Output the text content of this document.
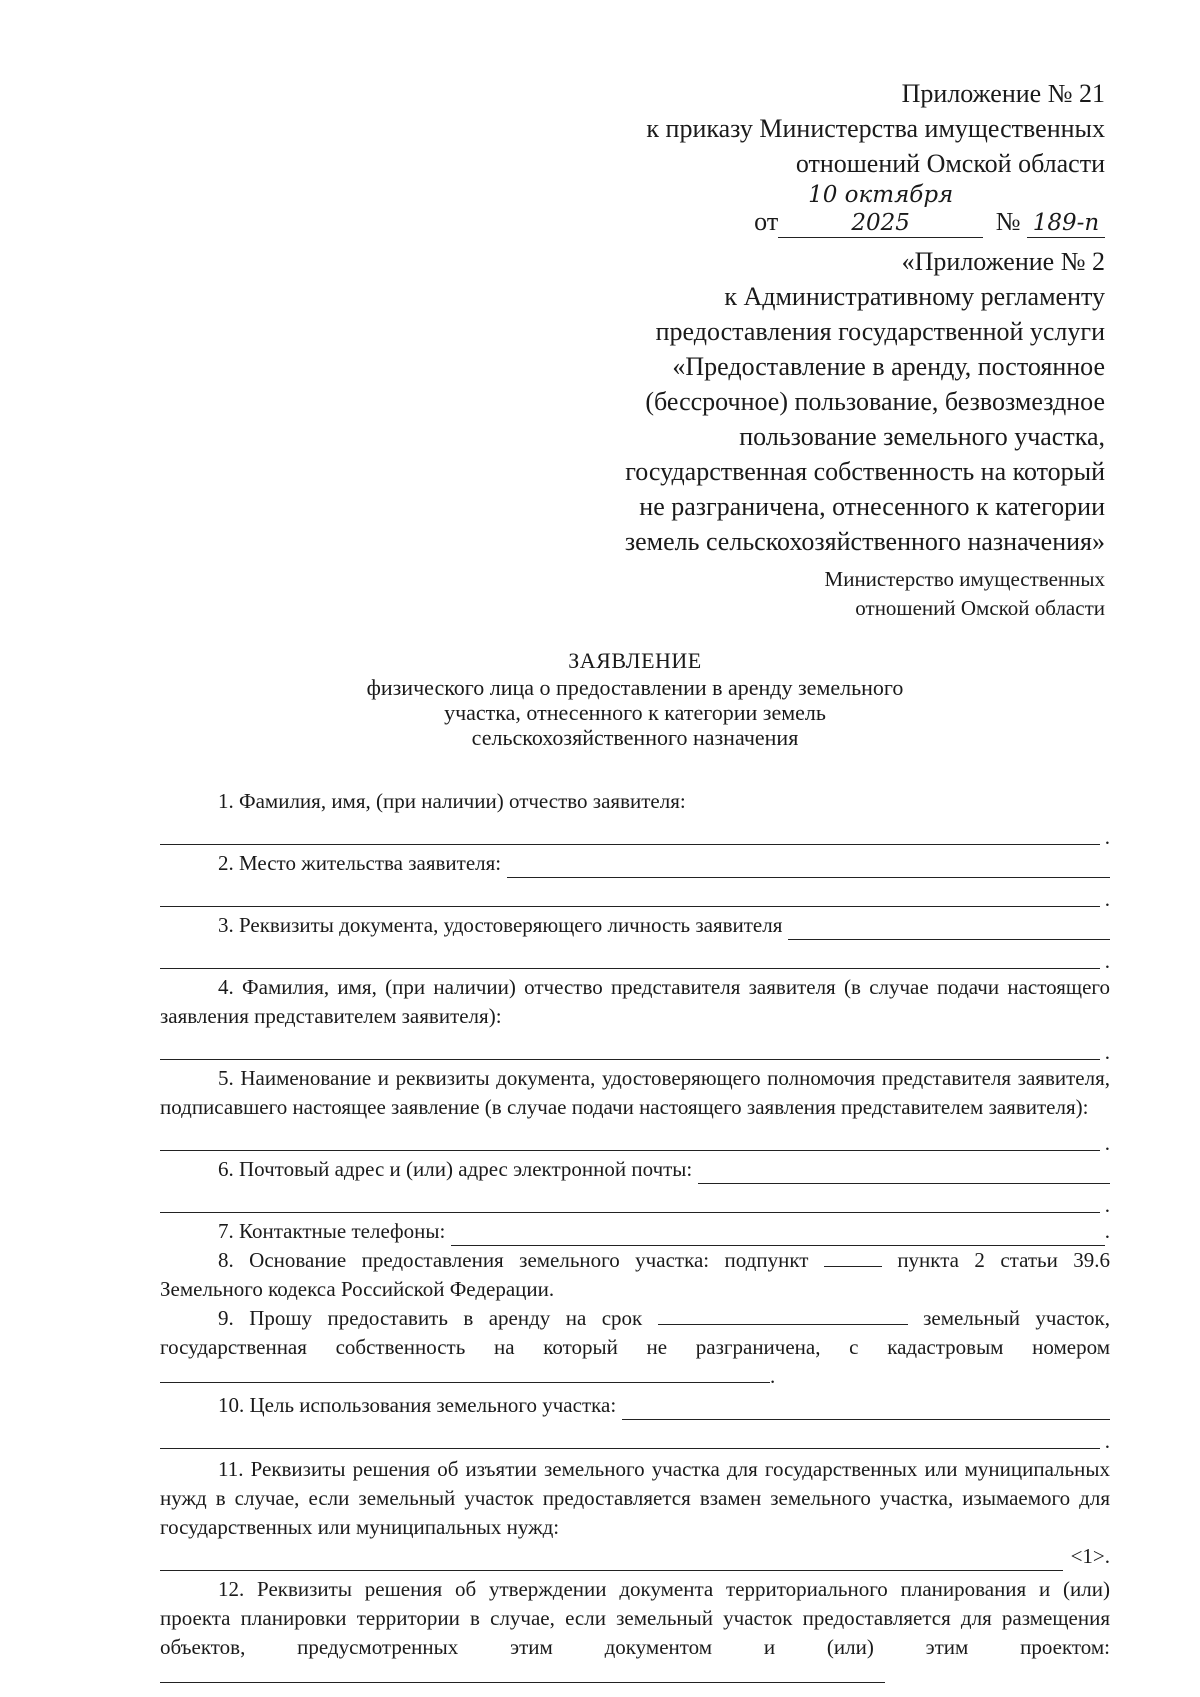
Приложение № 21
к приказу Министерства имущественных
отношений Омской области
от10 октября 2025	№ 189-п
«Приложение № 2
к Административному регламенту
предоставления государственной услуги
«Предоставление в аренду, постоянное
(бессрочное) пользование, безвозмездное
пользование земельного участка,
государственная собственность на который
не разграничена, отнесенного к категории
земель сельскохозяйственного назначения»
Министерство имущественных
отношений Омской области
ЗАЯВЛЕНИЕ
физического лица о предоставлении в аренду земельного
участка, отнесенного к категории земель
сельскохозяйственного назначения

1. Фамилия, имя, (при наличии) отчество заявителя:

.
2. Место жительства заявителя:
.
3. Реквизиты документа, удостоверяющего личность заявителя
.

4. Фамилия, имя, (при наличии) отчество представителя заявителя (в случае подачи настоящего заявления представителем заявителя):

.

5. Наименование и реквизиты документа, удостоверяющего полномочия представителя заявителя, подписавшего настоящее заявление (в случае подачи настоящего заявления представителем заявителя):

.
6. Почтовый адрес и (или) адрес электронной почты:
.
7. Контактные телефоны:	.

8. Основание предоставления земельного участка: подпункт	пункта 2 статьи 39.6 Земельного кодекса Российской Федерации.

9. Прошу предоставить в аренду на срок	земельный участок, государственная собственность на который не разграничена, с кадастровым номером .

10. Цель использования земельного участка:
.

11. Реквизиты решения об изъятии земельного участка для государственных или муниципальных нужд в случае, если земельный участок предоставляется взамен земельного участка, изымаемого для государственных или муниципальных нужд:

<1>.

12. Реквизиты решения об утверждении документа территориального планирования и (или) проекта планировки территории в случае, если земельный участок предоставляется для размещения объектов, предусмотренных этим документом и (или) этим проектом:
